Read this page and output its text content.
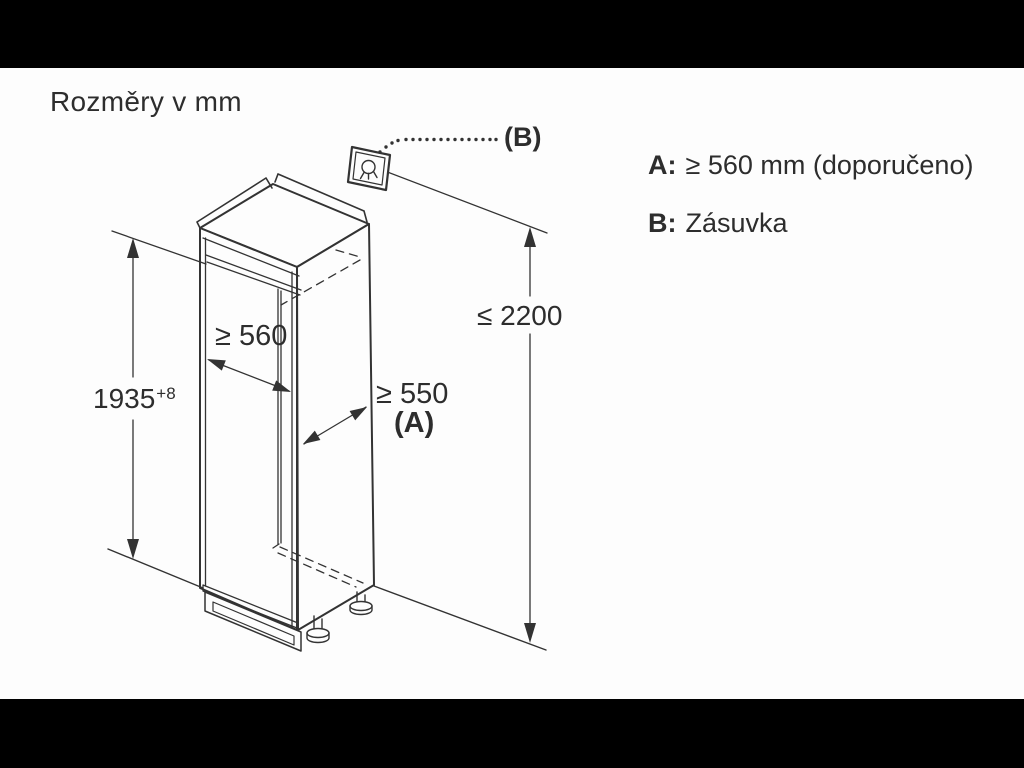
Rozměry v mm
A: ≥ 560 mm (doporučeno)
B: Zásuvka
(B)
≤ 2200
$1935^{+8}$
≥ 560
≥ 550
(A)
